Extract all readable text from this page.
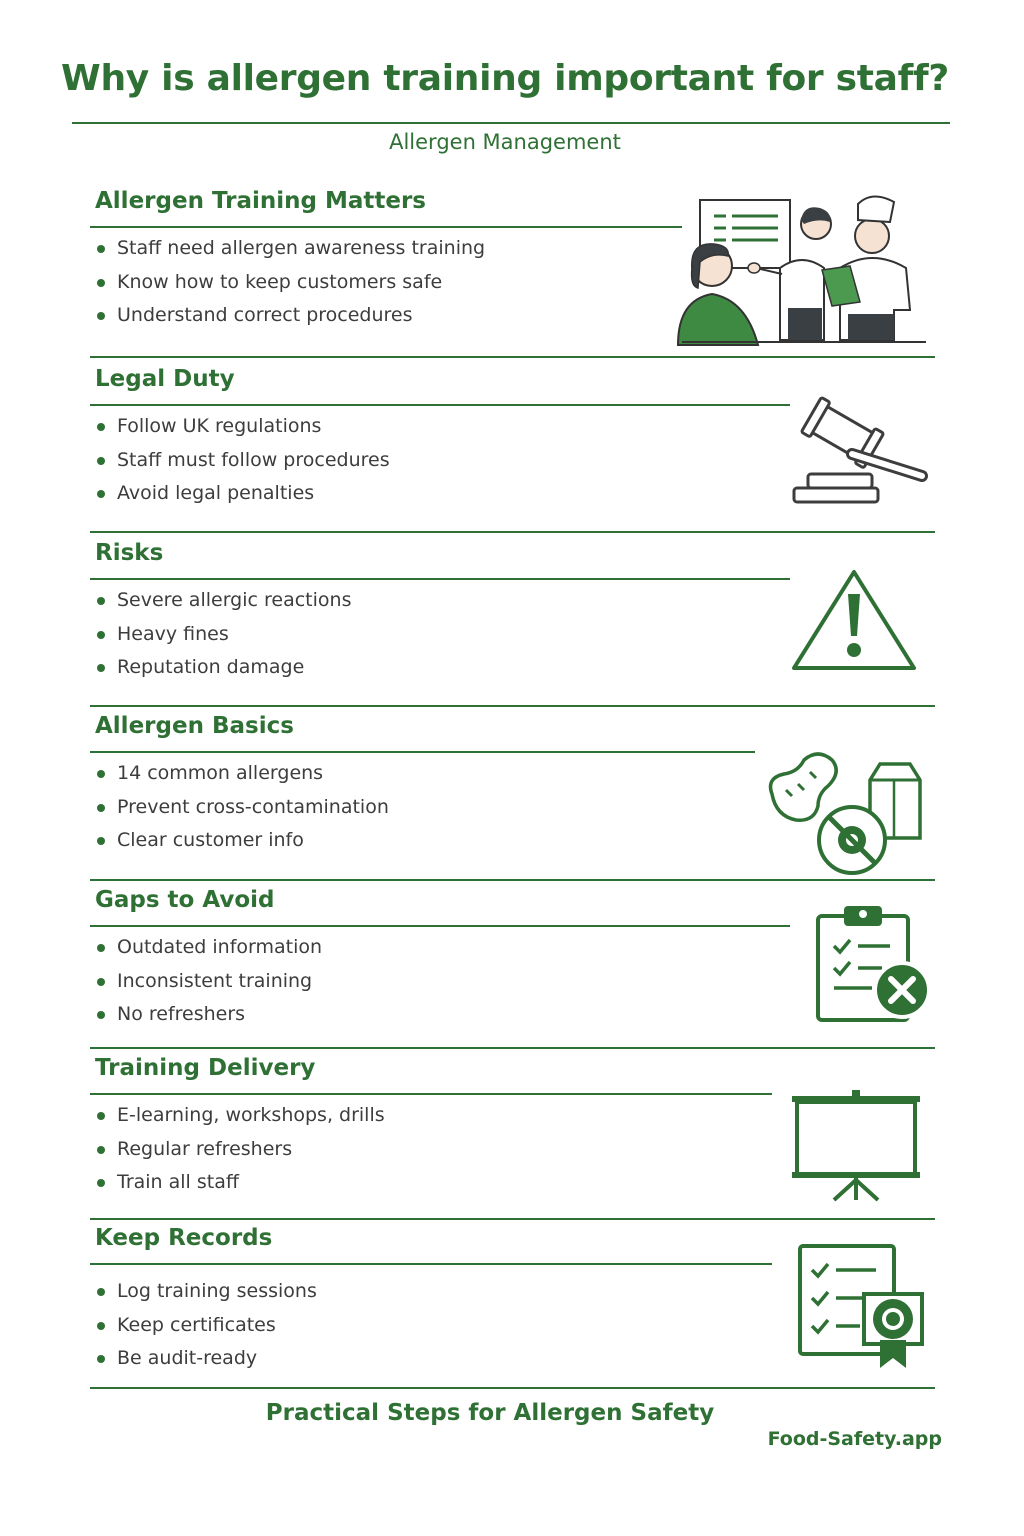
Why is allergen training important for staff?
Allergen Management
Allergen Training Matters
Staff need allergen awareness training
Know how to keep customers safe
Understand correct procedures
Legal Duty
Follow UK regulations
Staff must follow procedures
Avoid legal penalties
Risks
Severe allergic reactions
Heavy fines
Reputation damage
Allergen Basics
14 common allergens
Prevent cross-contamination
Clear customer info
Gaps to Avoid
Outdated information
Inconsistent training
No refreshers
Training Delivery
E-learning, workshops, drills
Regular refreshers
Train all staff
Keep Records
Log training sessions
Keep certificates
Be audit-ready
Practical Steps for Allergen Safety
Food-Safety.app
